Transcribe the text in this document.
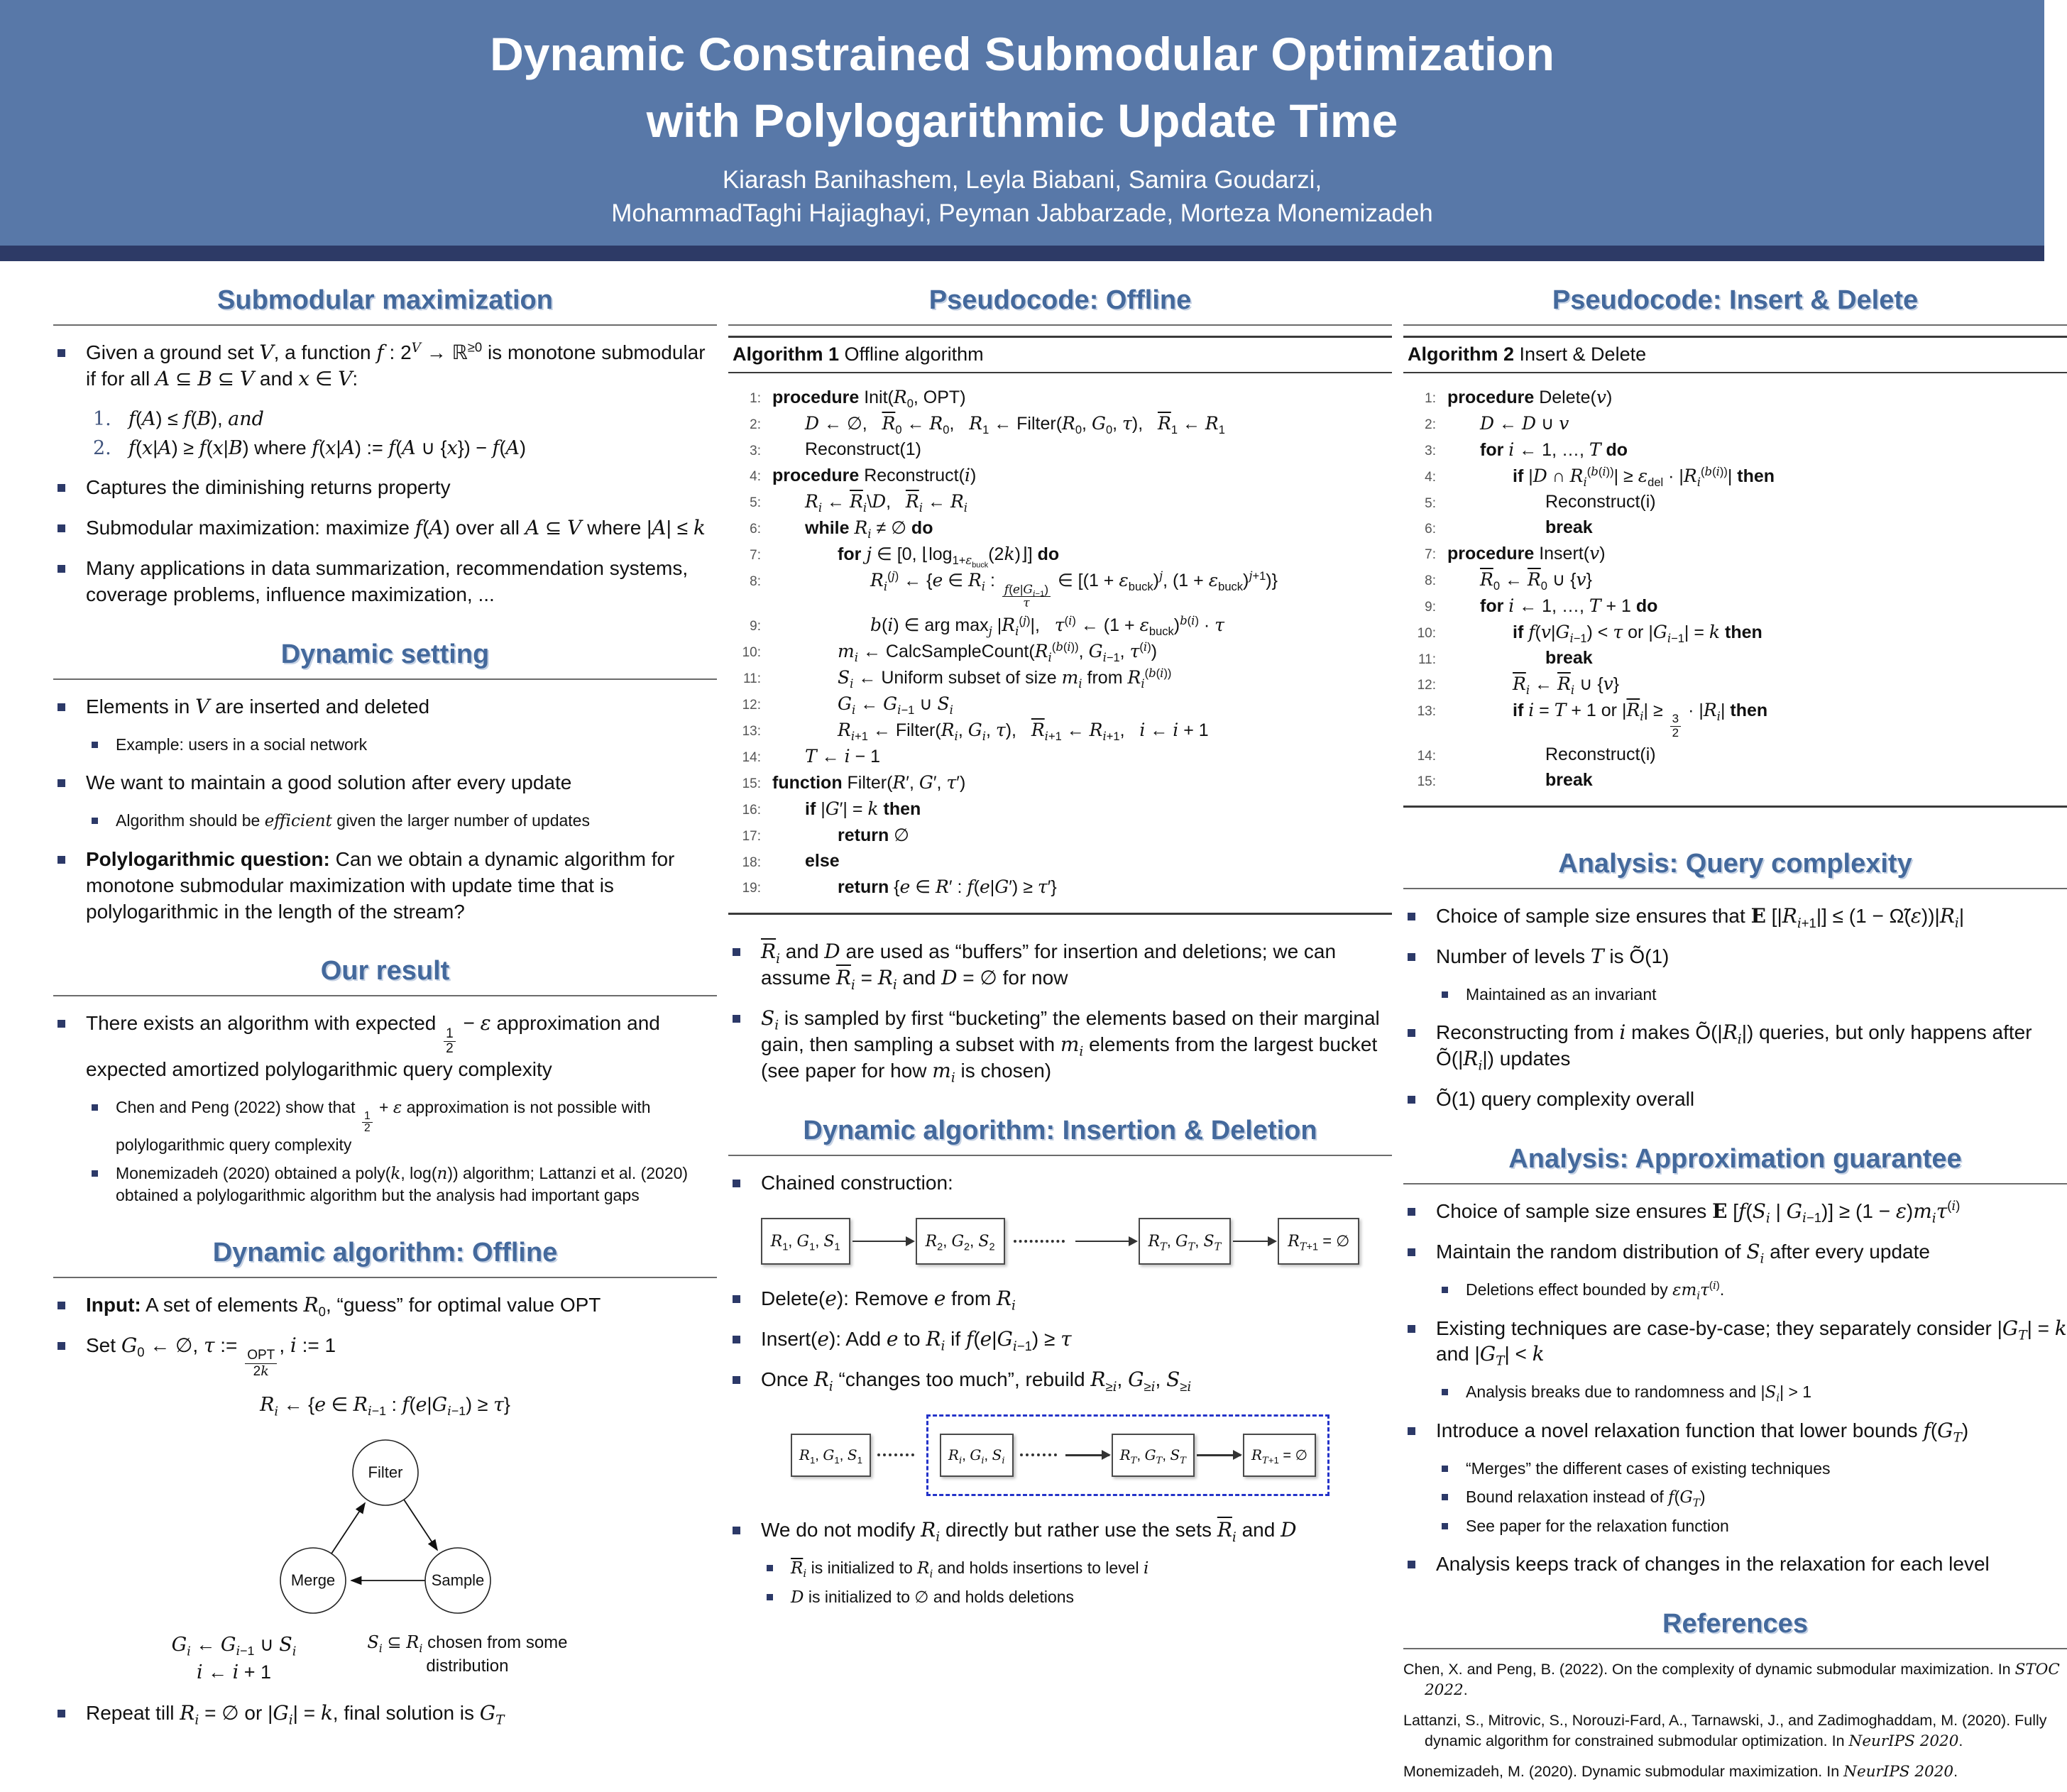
Dynamic Constrained Submodular Optimization
with Polylogarithmic Update Time
Kiarash Banihashem, Leyla Biabani, Samira Goudarzi,
MohammadTaghi Hajiaghayi, Peyman Jabbarzade, Morteza Monemizadeh
Submodular maximization
Given a ground set V, a function f : $2^V$ → ℝ$^{\ge 0}$ is monotone submodular if for all A ⊆ B ⊆ V and x ∈ V:
1. f(A) ≤ f(B), and
2. f(x|A) ≥ f(x|B) where f(x|A) := f(A ∪ {x}) − f(A)
Captures the diminishing returns property
Submodular maximization: maximize f(A) over all A ⊆ V where |A| ≤ k
Many applications in data summarization, recommendation systems, coverage problems, influence maximization, ...
Dynamic setting
Elements in V are inserted and deleted
Example: users in a social network
We want to maintain a good solution after every update
Algorithm should be efficient given the larger number of updates
Polylogarithmic question: Can we obtain a dynamic algorithm for monotone submodular maximization with update time that is polylogarithmic in the length of the stream?
Our result
There exists an algorithm with expected
$\frac{1}{2}$
− ε approximation and expected amortized polylogarithmic query complexity
Chen and Peng (2022) show that
$\frac{1}{2}$
+ ε approximation is not possible with polylogarithmic query complexity
Monemizadeh (2020) obtained a poly(k, log(n)) algorithm; Lattanzi et al. (2020) obtained a polylogarithmic algorithm but the analysis had important gaps
Dynamic algorithm: Offline
Input: A set of elements $R_0$, “guess” for optimal value OPT
Set $G_0$ ← ∅, τ :=
$\frac{\text{OPT}}{2k}$
, i := 1
$R_i$ ← {e ∈ $R_{i-1}$ : $f(e|G_{i-1}) \ge \tau$}
Filter
Merge	Sample
$G_i$ ← $G_{i-1}$ ∪ $S_i$
i ← i + 1
$S_i$ ⊆ $R_i$ chosen from some distribution
Repeat till $R_i$ = ∅ or $|G_i| = k$, final solution is $G_T$
Pseudocode: Offline
Algorithm 1 Offline algorithm
1: procedure $Init(R_0$, OPT)
2: D ← ∅,   $\overline{R}_0$ ← $R_0$,   $R_1$ ← $Filter(R_0$, $G_0$, τ),   $\overline{R}_1$ ← $R_1$
3: Reconstruct(1)
4: procedure Reconstruct(i)
5: $R_i$ ← $\overline{R}_i\backslash D$,   $\overline{R}_i$ ← $R_i$
6: while $R_i$ ≠ ∅ do
7:	for j ∈ [0, $⌊\log_{1+\varepsilon_{buck}}(2k)⌋$] do
8:	$R_i^{(j)}$ ← {e ∈ $R_i$ :
$\frac{f(e|G_{i-1})}{\tau}$
∈ [$(1 + \varepsilon_{buck})^j$, $(1 + \varepsilon_{buck})^{j+1}$)}
9:	b(i) ∈ arg $\max_j |R_i^{(j)}|$,   $\tau^{(i)}$ ← $(1 + \varepsilon_{buck})^{b(i)} \cdot \tau$
10:	$m_i$ ← $CalcSampleCount(R_i^{(b(i))}$, $G_{i-1}$, $\tau^{(i)}$)
11:	$S_i$ ← Uniform subset of size $m_i$ from $R_i^{(b(i))}$
12:	$G_i$ ← $G_{i-1}$ ∪ $S_i$
13:	$R_{i+1}$ ← $Filter(R_i$, $G_i$, τ),   $\overline{R}_{i+1}$ ← $R_{i+1}$,   i ← i + 1
14: T ← i − 1
15: function Filter(R′, G′, τ′)
16: if |G′| = k then
17:	return ∅
18: else
19:	return {e ∈ R′ : f(e|G′) ≥ τ′}
$\overline{R}_i$ and D are used as “buffers” for insertion and deletions; we can assume $\overline{R}_i = R_i$ and D = ∅ for now
$S_i$ is sampled by first “bucketing” the elements based on their marginal gain, then sampling a subset with $m_i$ elements from the largest bucket (see paper for how $m_i$ is chosen)
Dynamic algorithm: Insertion & Deletion
Chained construction:
$R_1$, $G_1$, $S_1$	$R_2$, $G_2$, $S_2$	$R_T$, $G_T$, $S_T$	$R_{T+1}$ = ∅
Delete(e): Remove e from $R_i$
Insert(e): Add e to $R_i$ if $f(e|G_{i-1}) \ge \tau$
Once $R_i$ “changes too much”, rebuild $R_{\ge i}$, $G_{\ge i}$, $S_{\ge i}$
$R_1$, $G_1$, $S_1$	$R_i$, $G_i$, $S_i$	$R_T$, $G_T$, $S_T$	$R_{T+1}$ = ∅
We do not modify $R_i$ directly but rather use the sets $\overline{R}_i$ and D
$\overline{R}_i$ is initialized to $R_i$ and holds insertions to level i
D is initialized to ∅ and holds deletions
Pseudocode: Insert & Delete
Algorithm 2 Insert & Delete
1: procedure Delete(v)
2: D ← D ∪ v
3: for i ← 1, …, T do
4:	if |D ∩ $R_i^{(b(i))}| \ge \varepsilon_{del} \cdot |R_i^{(b(i))}|$ then
5:	Reconstruct(i)
6:	break
7: procedure Insert(v)
8: $\overline{R}_0$ ← $\overline{R}_0$ ∪ {v}
9: for i ← 1, …, T + 1 do
10:	if $f(v|G_{i-1}) < \tau$ or $|G_{i-1}| = k$ then
11:	break
12:	$\overline{R}_i$ ← $\overline{R}_i$ ∪ {v}
13:	if i = T + 1 or $|\overline{R}_i|$ ≥
$\frac{3}{2}$
· $|R_i|$ then
14:	Reconstruct(i)
15:	break
Analysis: Query complexity
Choice of sample size ensures that E $[|R_{i+1}|] \le (1$ − $\Omegã(\varepsilon))|R_i|$
Number of levels T is Õ(1)
Maintained as an invariant
Reconstructing from i makes $Õ(|R_i|)$ queries, but only happens after $Õ(|R_i|)$ updates
Õ(1) query complexity overall
Analysis: Approximation guarantee
Choice of sample size ensures E [$f(S_i$ | $G_{i-1})] \ge (1 - \varepsilon)m_i\tau^{(i)}$
Maintain the random distribution of $S_i$ after every update
Deletions effect bounded by $\varepsilon m_i\tau^{(i)}$.
Existing techniques are case-by-case; they separately consider $|G_T| = k$ and $|G_T| < k$
Analysis breaks due to randomness and $|S_i| > 1$
Introduce a novel relaxation function that lower bounds $f(G_T)$
“Merges” the different cases of existing techniques
Bound relaxation instead of $f(G_T)$
See paper for the relaxation function
Analysis keeps track of changes in the relaxation for each level
References
Chen, X. and Peng, B. (2022). On the complexity of dynamic submodular maximization. In STOC 2022.
Lattanzi, S., Mitrovic, S., Norouzi-Fard, A., Tarnawski, J., and Zadimoghaddam, M. (2020). Fully dynamic algorithm for constrained submodular optimization. In NeurIPS 2020.
Monemizadeh, M. (2020). Dynamic submodular maximization. In NeurIPS 2020.
